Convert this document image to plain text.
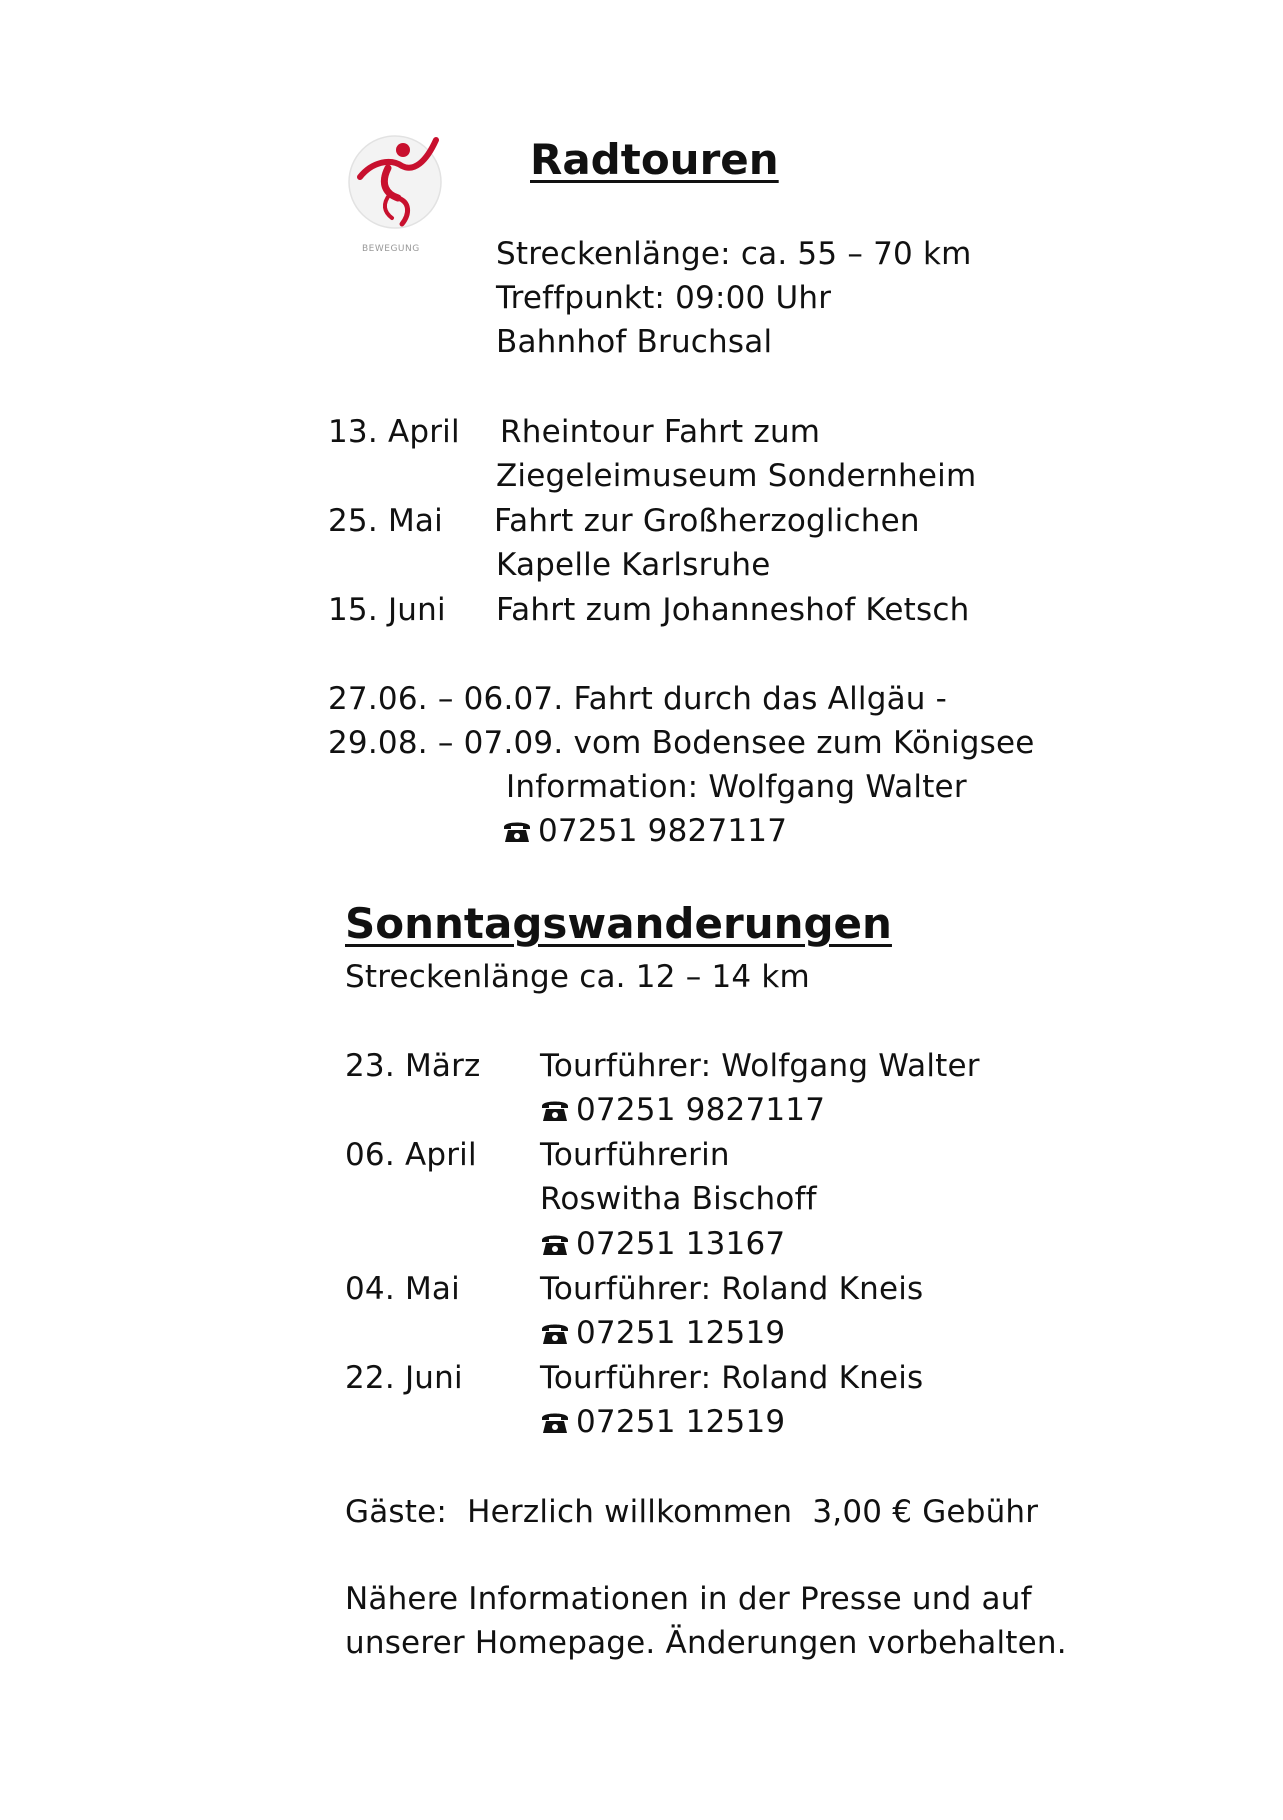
BEWEGUNG
Radtouren
Streckenlänge: ca. 55 – 70 km
Treffpunkt: 09:00 Uhr
Bahnhof Bruchsal
13. April Rheintour Fahrt zum
Ziegeleimuseum Sondernheim
25. Mai Fahrt zur Großherzoglichen
Kapelle Karlsruhe
15. Juni Fahrt zum Johanneshof Ketsch
27.06. – 06.07. Fahrt durch das Allgäu -
29.08. – 07.09. vom Bodensee zum Königsee
Information: Wolfgang Walter
07251 9827117
Sonntagswanderungen
Streckenlänge ca. 12 – 14 km
23. März Tourführer: Wolfgang Walter
07251 9827117
06. April Tourführerin
Roswitha Bischoff
07251 13167
04. Mai	Tourführer: Roland Kneis
07251 12519
22. Juni Tourführer: Roland Kneis
07251 12519
Gäste:  Herzlich willkommen  3,00 € Gebühr
Nähere Informationen in der Presse und auf
unserer Homepage. Änderungen vorbehalten.
